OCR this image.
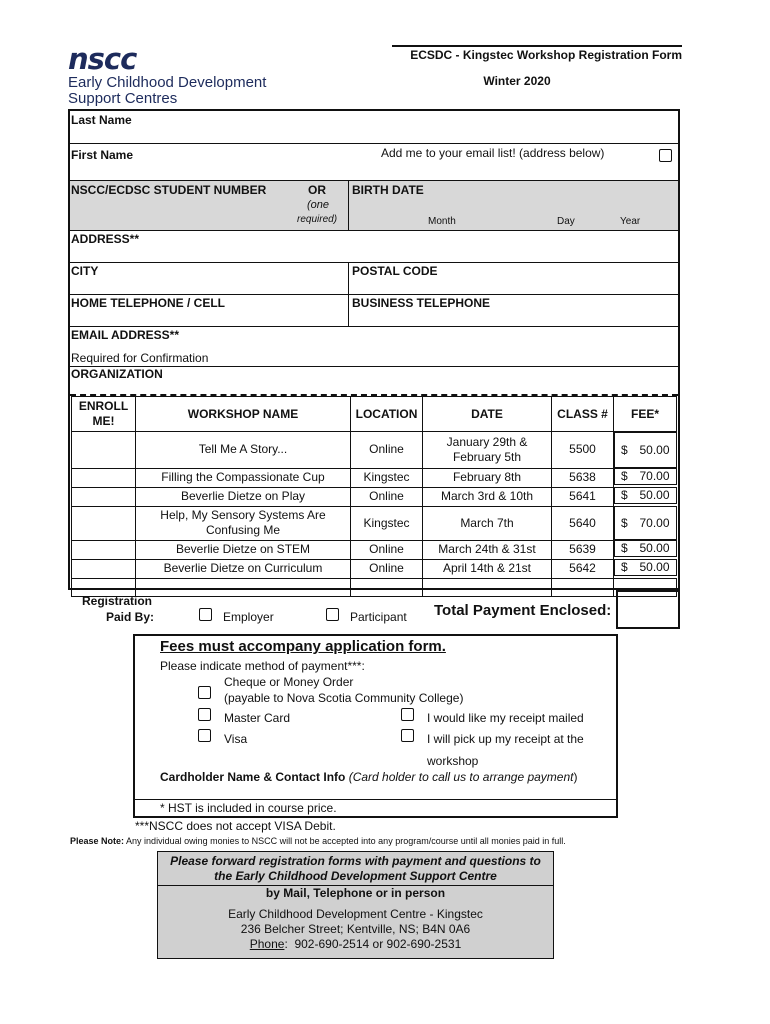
nscc
Early Childhood Development
Support Centres
ECSDC - Kingstec Workshop Registration Form
Winter 2020
Last Name
First Name	Add me to your email list! (address below)
NSCC/ECDSC STUDENT NUMBER	OR
(one
required)
BIRTH DATE
Month	Day	Year
ADDRESS**
CITY	POSTAL CODE
HOME TELEPHONE / CELL	BUSINESS TELEPHONE
EMAIL ADDRESS**
Required for Confirmation
ORGANIZATION
ENROLL ME!	WORKSHOP NAME	LOCATION	DATE	CLASS #	FEE*
	Tell Me A Story...	Online	January 29th & February 5th	5500	$ 50.00

	Filling the Compassionate Cup	Kingstec	February 8th	5638	$ 70.00

	Beverlie Dietze on Play	Online	March 3rd & 10th	5641	$ 50.00

	Help, My Sensory Systems Are Confusing Me	Kingstec	March 7th	5640	$ 70.00

	Beverlie Dietze on STEM	Online	March 24th & 31st	5639	$ 50.00

	Beverlie Dietze on Curriculum	Online	April 14th & 21st	5642	$ 50.00

Registration
Paid By:	Employer	Participant Total Payment Enclosed:
Fees must accompany application form.
Please indicate method of payment***:
Cheque or Money Order
(payable to Nova Scotia Community College)
Master Card	I would like my receipt mailed
Visa	I will pick up my receipt at the
workshop
Cardholder Name & Contact Info (Card holder to call us to arrange payment)
* HST is included in course price.
***NSCC does not accept VISA Debit.
Please Note: Any individual owing monies to NSCC will not be accepted into any program/course until all monies paid in full.
Please forward registration forms with payment and questions to
the Early Childhood Development Support Centre
by Mail, Telephone or in person
Early Childhood Development Centre - Kingstec
236 Belcher Street; Kentville, NS; B4N 0A6
Phone:  902-690-2514 or 902-690-2531
